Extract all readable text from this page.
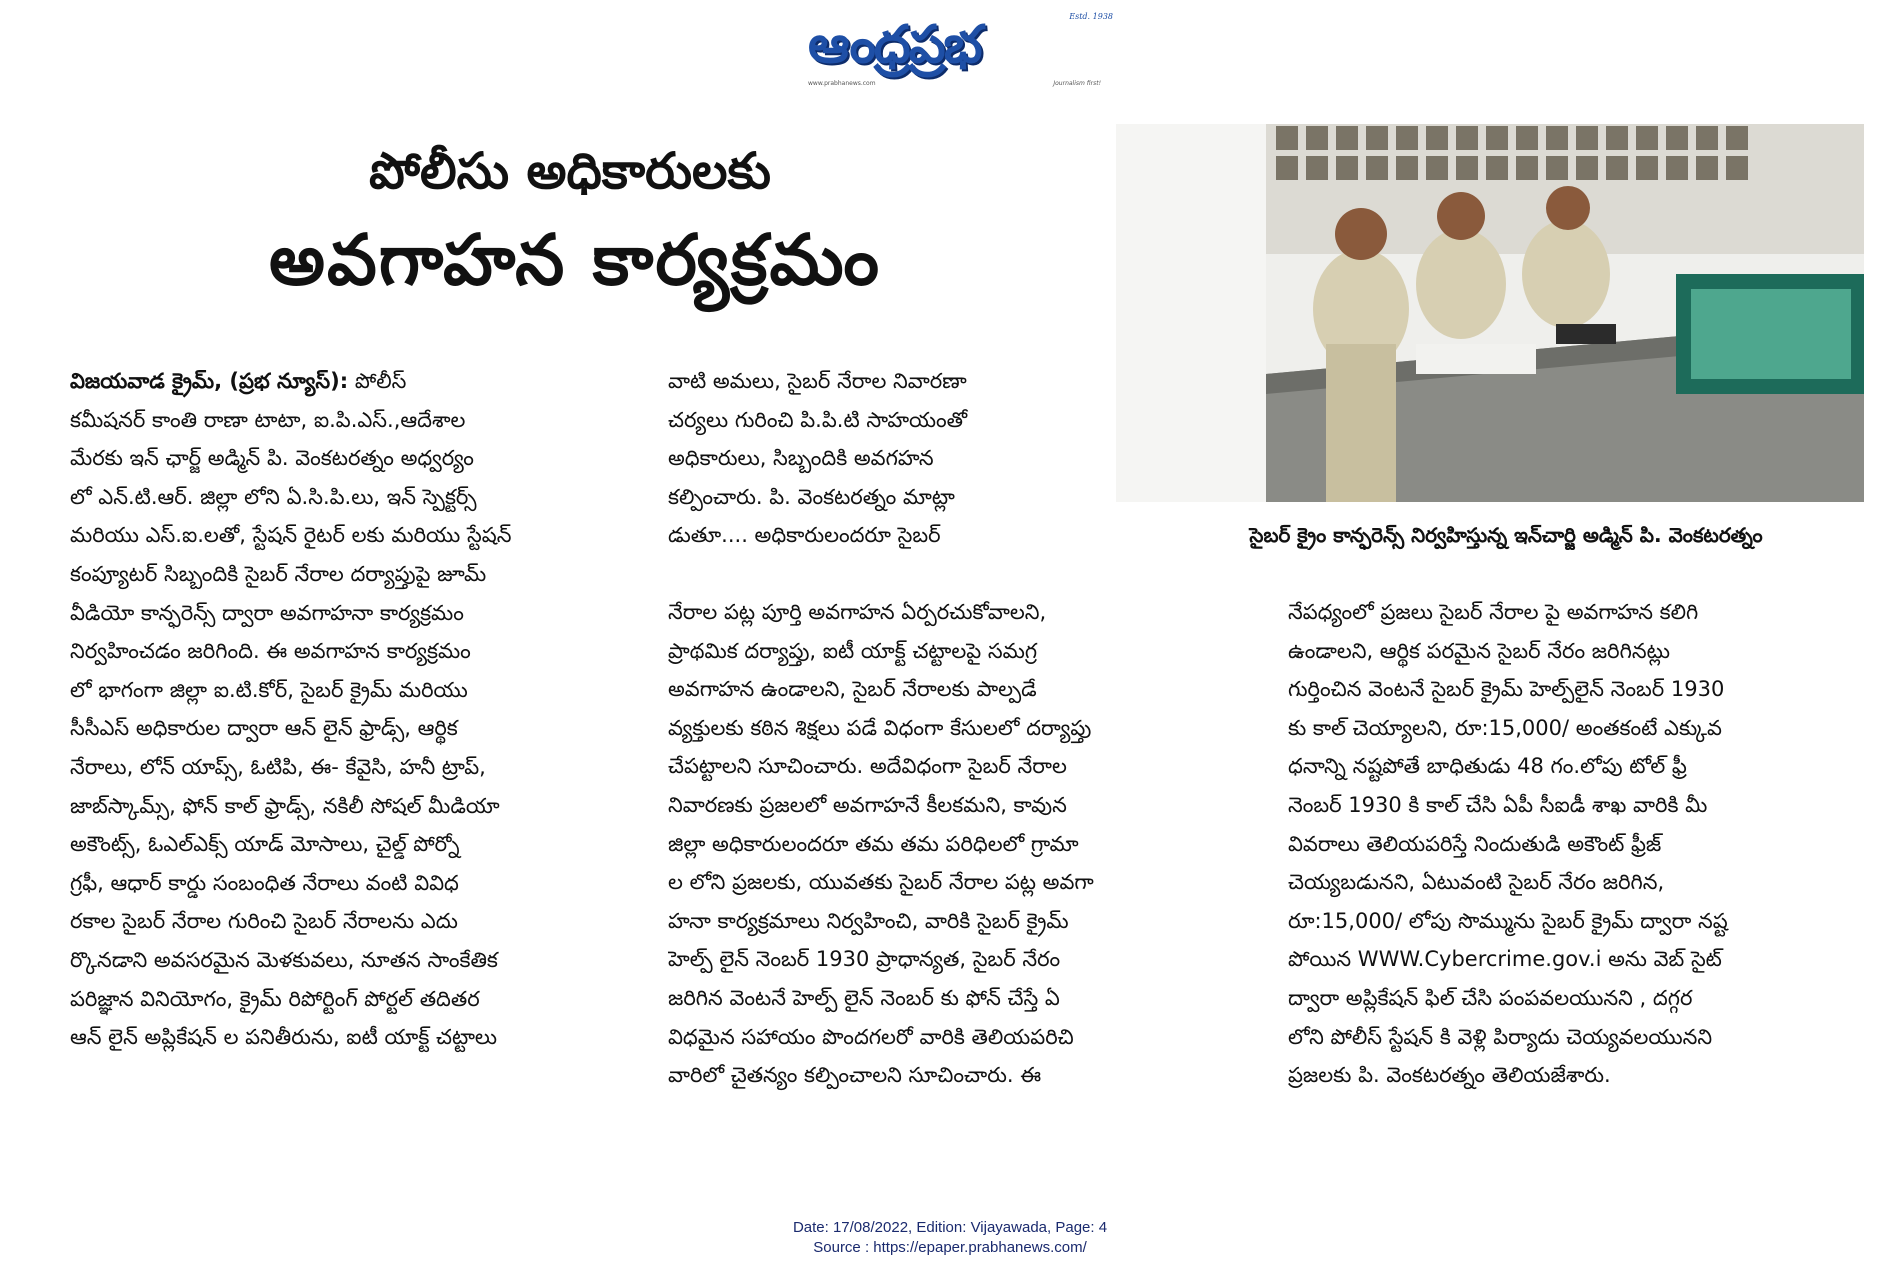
ఆంధ్రప్రభ	Estd. 1938
www.prabhanews.com	Journalism first!
పోలీసు అధికారులకు
అవగాహన కార్యక్రమం
సైబర్ క్రైం కాన్ఫరెన్స్ నిర్వహిస్తున్న ఇన్‌చార్జి అడ్మిన్ పి. వెంకటరత్నం
విజయవాడ క్రైమ్, (ప్రభ న్యూస్): పోలీస్
కమీషనర్ కాంతి రాణా టాటా, ఐ.పి.ఎస్.,ఆదేశాల
మేరకు ఇన్ ఛార్జ్ అడ్మిన్ పి. వెంకటరత్నం అధ్వర్యం
లో ఎన్.టి.ఆర్. జిల్లా లోని ఏ.సి.పి.లు, ఇన్ స్పెక్టర్స్
మరియు ఎస్.ఐ.లతో, స్టేషన్ రైటర్ లకు మరియు స్టేషన్
కంప్యూటర్ సిబ్బందికి సైబర్ నేరాల దర్యాప్తుపై జూమ్
వీడియో కాన్ఫరెన్స్ ద్వారా అవగాహనా కార్యక్రమం
నిర్వహించడం జరిగింది. ఈ అవగాహన కార్యక్రమం
లో భాగంగా జిల్లా ఐ.టి.కోర్, సైబర్ క్రైమ్ మరియు
సీసీఎస్ అధికారుల ద్వారా ఆన్ లైన్ ఫ్రాడ్స్, ఆర్థిక
నేరాలు, లోన్ యాప్స్, ఓటిపి, ఈ- కేవైసి, హనీ ట్రాప్,
జాబ్‌స్కామ్స్, ఫోన్ కాల్ ఫ్రాడ్స్, నకిలీ సోషల్ మీడియా
అకౌంట్స్, ఓఎల్ఎక్స్ యాడ్ మోసాలు, చైల్డ్ పోర్నో
గ్రఫీ, ఆధార్ కార్డు సంబంధిత నేరాలు వంటి వివిధ
రకాల సైబర్ నేరాల గురించి సైబర్ నేరాలను ఎదు
ర్కొనడాని అవసరమైన మెళకువలు, నూతన సాంకేతిక
పరిజ్ఞాన వినియోగం, క్రైమ్ రిపోర్టింగ్ పోర్టల్ తదితర
ఆన్ లైన్ అప్లికేషన్ ల పనితీరును, ఐటీ యాక్ట్ చట్టాలు
వాటి అమలు, సైబర్ నేరాల నివారణా
చర్యలు గురించి పి.పి.టి సాహయంతో
అధికారులు, సిబ్బందికి అవగహన
కల్పించారు. పి. వెంకటరత్నం మాట్లా
డుతూ.... అధికారులందరూ సైబర్
నేరాల పట్ల పూర్తి అవగాహన ఏర్పరచుకోవాలని,
ప్రాథమిక దర్యాప్తు, ఐటీ యాక్ట్ చట్టాలపై సమగ్ర
అవగాహన ఉండాలని, సైబర్ నేరాలకు పాల్పడే
వ్యక్తులకు కఠిన శిక్షలు పడే విధంగా కేసులలో దర్యాప్తు
చేపట్టాలని సూచించారు. అదేవిధంగా సైబర్ నేరాల
నివారణకు ప్రజలలో అవగాహనే కీలకమని, కావున
జిల్లా అధికారులందరూ తమ తమ పరిధిలలో గ్రామా
ల లోని ప్రజలకు, యువతకు సైబర్ నేరాల పట్ల అవగా
హనా కార్యక్రమాలు నిర్వహించి, వారికి సైబర్ క్రైమ్
హెల్ప్ లైన్ నెంబర్ 1930 ప్రాధాన్యత, సైబర్ నేరం
జరిగిన వెంటనే హెల్ప్ లైన్ నెంబర్ కు ఫోన్ చేస్తే ఏ
విధమైన సహాయం పొందగలరో వారికి తెలియపరిచి
వారిలో చైతన్యం కల్పించాలని సూచించారు. ఈ
నేపధ్యంలో ప్రజలు సైబర్ నేరాల పై అవగాహన కలిగి
ఉండాలని, ఆర్థిక పరమైన సైబర్ నేరం జరిగినట్లు
గుర్తించిన వెంటనే సైబర్ క్రైమ్ హెల్ప్‌లైన్ నెంబర్ 1930
కు కాల్ చెయ్యాలని, రూ:15,000/ అంతకంటే ఎక్కువ
ధనాన్ని నష్టపోతే బాధితుడు 48 గం.లోపు టోల్ ఫ్రీ
నెంబర్ 1930 కి కాల్ చేసి ఏపీ సీఐడీ శాఖ వారికి మీ
వివరాలు తెలియపరిస్తే నిందుతుడి అకౌంట్ ఫ్రీజ్
చెయ్యబడునని, ఏటువంటి సైబర్ నేరం జరిగిన,
రూ:15,000/ లోపు సొమ్మును సైబర్ క్రైమ్ ద్వారా నష్ట
పోయిన WWW.Cybercrime.gov.i అను వెబ్ సైట్
ద్వారా అప్లికేషన్ ఫిల్ చేసి పంపవలయునని , దగ్గర
లోని పోలీస్ స్టేషన్ కి వెళ్లి పిర్యాదు చెయ్యవలయునని
ప్రజలకు పి. వెంకటరత్నం తెలియజేశారు.
Date: 17/08/2022, Edition: Vijayawada, Page: 4
Source : https://epaper.prabhanews.com/
